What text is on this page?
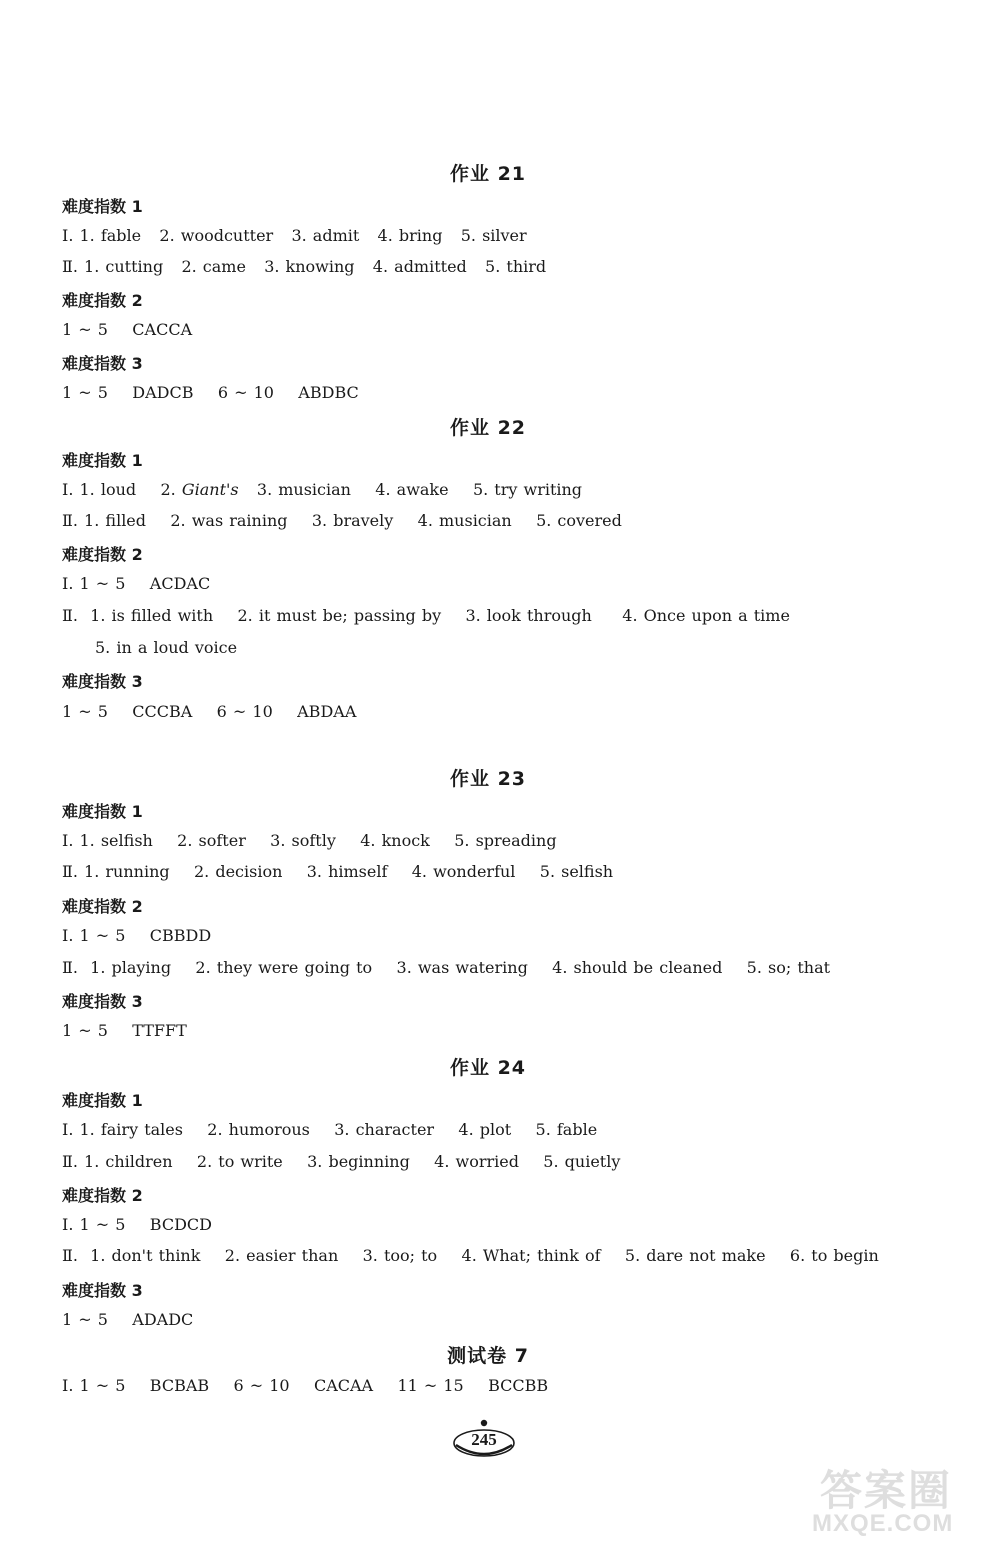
作业 21
难度指数 1
Ⅰ. 1. fable   2. woodcutter   3. admit   4. bring   5. silver
Ⅱ. 1. cutting   2. came   3. knowing   4. admitted   5. third
难度指数 2
1 ~ 5    CACCA
难度指数 3
1 ~ 5    DADCB    6 ~ 10    ABDBC
作业 22
难度指数 1
Ⅰ. 1. loud    2. Giant's   3. musician    4. awake    5. try writing
Ⅱ. 1. filled    2. was raining    3. bravely    4. musician    5. covered
难度指数 2
Ⅰ. 1 ~ 5    ACDAC
Ⅱ.  1. is filled with    2. it must be; passing by    3. look through     4. Once upon a time
5. in a loud voice
难度指数 3
1 ~ 5    CCCBA    6 ~ 10    ABDAA
作业 23
难度指数 1
Ⅰ. 1. selfish    2. softer    3. softly    4. knock    5. spreading
Ⅱ. 1. running    2. decision    3. himself    4. wonderful    5. selfish
难度指数 2
Ⅰ. 1 ~ 5    CBBDD
Ⅱ.  1. playing    2. they were going to    3. was watering    4. should be cleaned    5. so; that
难度指数 3
1 ~ 5    TTFFT
作业 24
难度指数 1
Ⅰ. 1. fairy tales    2. humorous    3. character    4. plot    5. fable
Ⅱ. 1. children    2. to write    3. beginning    4. worried    5. quietly
难度指数 2
Ⅰ. 1 ~ 5    BCDCD
Ⅱ.  1. don't think    2. easier than    3. too; to    4. What; think of    5. dare not make    6. to begin
难度指数 3
1 ~ 5    ADADC
测试卷 7
Ⅰ. 1 ~ 5    BCBAB    6 ~ 10    CACAA    11 ~ 15    BCCBB
245
答案圈
MXQE.COM
